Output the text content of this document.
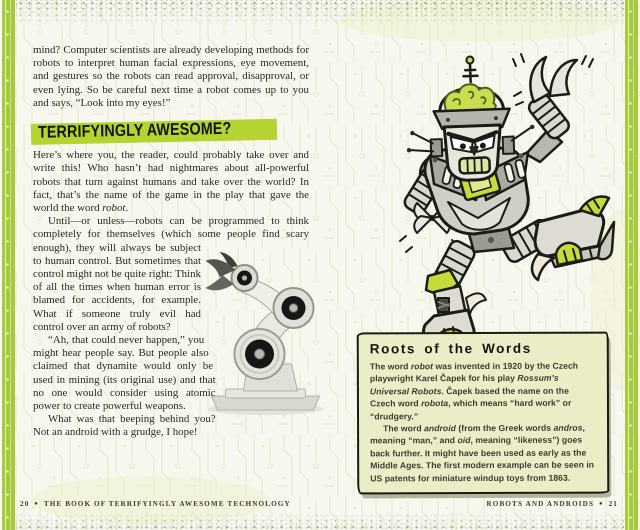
mind? Computer scientists are already developing methods for robots to interpret human facial expressions, eye movement, and gestures so the robots can read approval, disapproval, or even lying. So be careful next time a robot comes up to you and says, “Look into my eyes!”

TERRIFYINGLY AWESOME?

Here’s where you, the reader, could probably take over and write this! Who hasn’t had nightmares about all-powerful robots that turn against humans and take over the world? In fact, that’s the name of the game in the play that gave the world the word robot.

Until—or unless—robots can be programmed to think completely for themselves (which some people find scary
enough), they will always be subject to human control. But sometimes that control might not be quite right: Think of all the times when human error is blamed for accidents, for example. What if someone truly evil had control over an army of robots?

“Ah, that could never happen,” you might hear people say. But people also claimed that dynamite would only be used in mining (its original use) and that no one would consider using atomic power to create powerful weapons.

What was that beeping behind you? Not an android with a grudge, I hope!

Roots of the Words

The word robot was invented in 1920 by the Czech playwright Karel Čapek for his play Rossum’s Universal Robots. Čapek based the name on the Czech word robota, which means “hard work” or “drudgery.”

The word android (from the Greek words andros, meaning “man,” and oid, meaning “likeness”) goes back further. It might have been used as early as the Middle Ages. The first modern example can be seen in US patents for miniature windup toys from 1863.

20 ● THE BOOK OF TERRIFYINGLY AWESOME TECHNOLOGY	ROBOTS AND ANDROIDS ● 21
